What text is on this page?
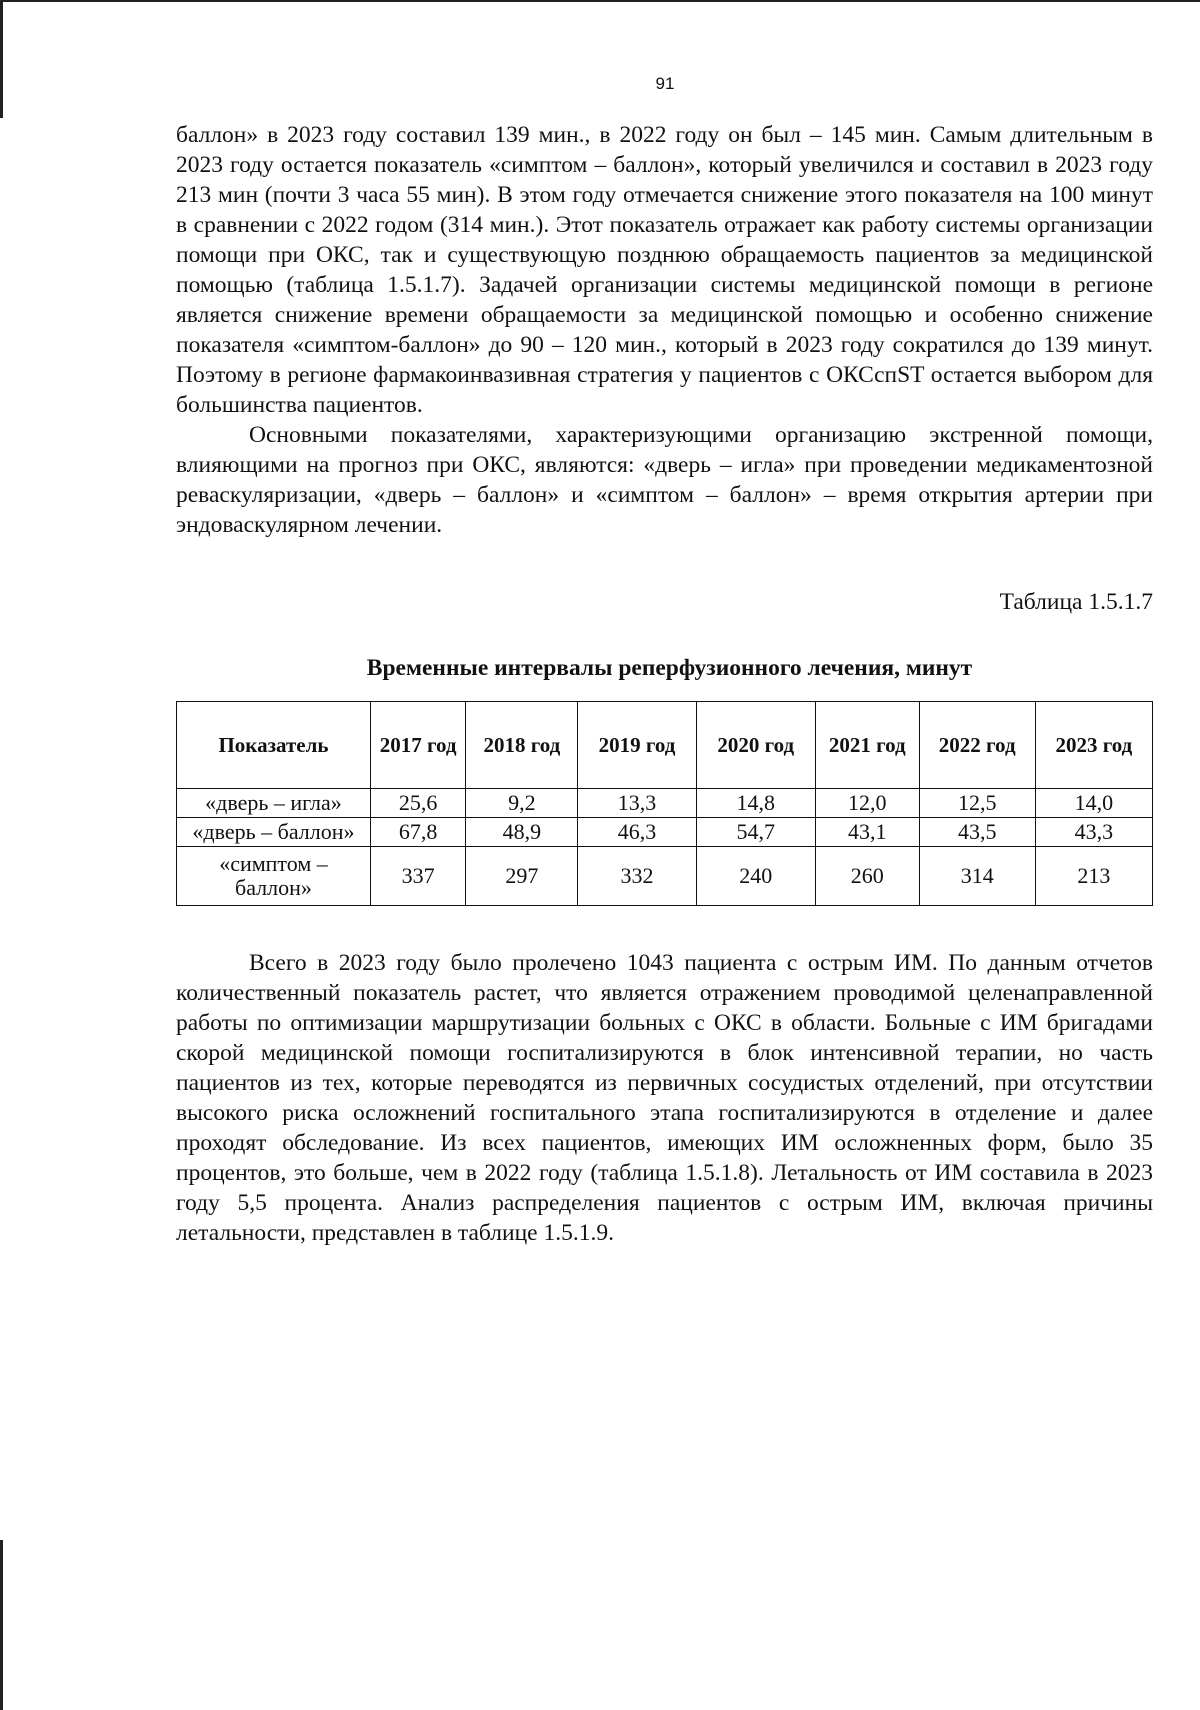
91

баллон» в 2023 году составил 139 мин., в 2022 году он был – 145 мин. Самым длительным в 2023 году остается показатель «симптом – баллон», который увеличился и составил в 2023 году 213 мин (почти 3 часа 55 мин). В этом году отмечается снижение этого показателя на 100 минут в сравнении с 2022 годом (314 мин.). Этот показатель отражает как работу системы организации помощи при ОКС, так и существующую позднюю обращаемость пациентов за медицинской помощью (таблица 1.5.1.7). Задачей организации системы медицинской помощи в регионе является снижение времени обращаемости за медицинской помощью и особенно снижение показателя «симптом-баллон» до 90 – 120 мин., который в 2023 году сократился до 139 минут. Поэтому в регионе фармакоинвазивная стратегия у пациентов с ОКСспST остается выбором для большинства пациентов.

Основными показателями, характеризующими организацию экстренной помощи, влияющими на прогноз при ОКС, являются: «дверь – игла» при проведении медикаментозной реваскуляризации, «дверь – баллон» и «симптом – баллон» – время открытия артерии при эндоваскулярном лечении.

Таблица 1.5.1.7
Временные интервалы реперфузионного лечения, минут
Показатель	2017 год	2018 год	2019 год	2020 год	2021 год	2022 год	2023 год
«дверь – игла»	25,6	9,2	13,3	14,8	12,0	12,5	14,0
«дверь – баллон»	67,8	48,9	46,3	54,7	43,1	43,5	43,3
«симптом – баллон»	337	297	332	240	260	314	213

Всего в 2023 году было пролечено 1043 пациента с острым ИМ. По данным отчетов количественный показатель растет, что является отражением проводимой целенаправленной работы по оптимизации маршрутизации больных с ОКС в области. Больные с ИМ бригадами скорой медицинской помощи госпитализируются в блок интенсивной терапии, но часть пациентов из тех, которые переводятся из первичных сосудистых отделений, при отсутствии высокого риска осложнений госпитального этапа госпитализируются в отделение и далее проходят обследование. Из всех пациентов, имеющих ИМ осложненных форм, было 35 процентов, это больше, чем в 2022 году (таблица 1.5.1.8). Летальность от ИМ составила в 2023 году 5,5 процента. Анализ распределения пациентов с острым ИМ, включая причины летальности, представлен в таблице 1.5.1.9.
